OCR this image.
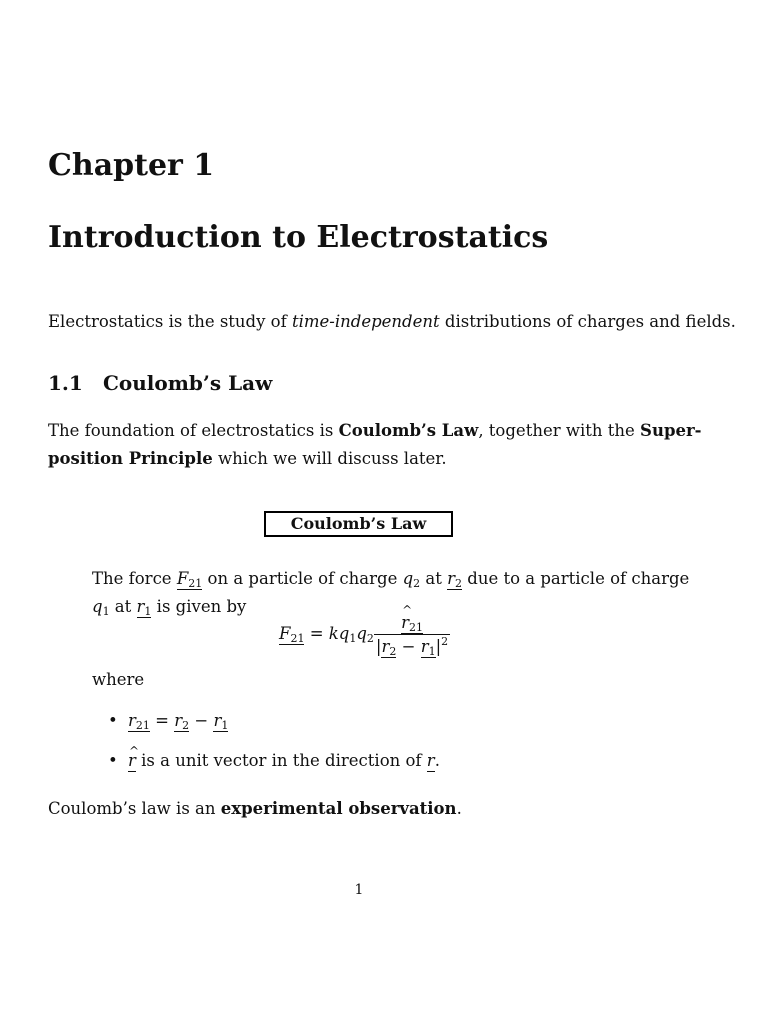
Chapter 1
Introduction to Electrostatics
Electrostatics is the study of time-independent distributions of charges and fields.
1.1 Coulomb’s Law
The foundation of electrostatics is Coulomb’s Law, together with the Super-
position Principle which we will discuss later.
Coulomb’s Law
The force $F_{21}$ on a particle of charge $q_2$ at $r_2$ due to a particle of charge
$q_1$ at $r_1$ is given by
$F_{21} = kq_1q_2$ ^ $\frac{r_{21}}{|r_2 - r_1|^2}$
where
• $r_{21} = r_2 - r_1$
• ^ r is a unit vector in the direction of r.
Coulomb’s law is an experimental observation.
1
